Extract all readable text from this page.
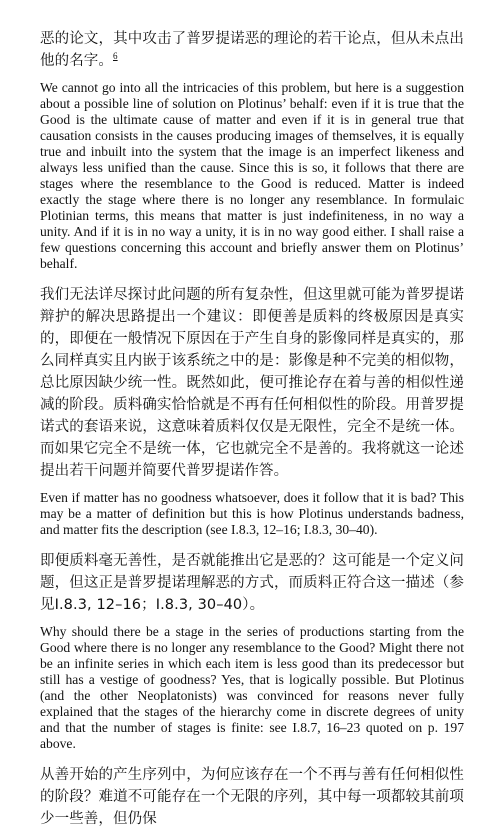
恶的论文，其中攻击了普罗提诺恶的理论的若干论点，但从未点出他的名字。$^6$

We cannot go into all the intricacies of this problem, but here is a suggestion about a possible line of solution on Plotinus’ behalf: even if it is true that the Good is the ultimate cause of matter and even if it is in general true that causation consists in the causes producing images of themselves, it is equally true and inbuilt into the system that the image is an imperfect likeness and always less unified than the cause. Since this is so, it follows that there are stages where the resemblance to the Good is reduced. Matter is indeed exactly the stage where there is no longer any resemblance. In formulaic Plotinian terms, this means that matter is just indefiniteness, in no way a unity. And if it is in no way a unity, it is in no way good either. I shall raise a few questions concerning this account and briefly answer them on Plotinus’ behalf.

我们无法详尽探讨此问题的所有复杂性，但这里就可能为普罗提诺辩护的解决思路提出一个建议：即便善是质料的终极原因是真实的，即便在一般情况下原因在于产生自身的影像同样是真实的，那么同样真实且内嵌于该系统之中的是：影像是种不完美的相似物，总比原因缺少统一性。既然如此，便可推论存在着与善的相似性递减的阶段。质料确实恰恰就是不再有任何相似性的阶段。用普罗提诺式的套语来说，这意味着质料仅仅是无限性，完全不是统一体。而如果它完全不是统一体，它也就完全不是善的。我将就这一论述提出若干问题并简要代普罗提诺作答。

Even if matter has no goodness whatsoever, does it follow that it is bad? This may be a matter of definition but this is how Plotinus understands badness, and matter fits the description (see I.8.3, 12–16; I.8.3, 30–40).

即便质料毫无善性，是否就能推出它是恶的？这可能是一个定义问题，但这正是普罗提诺理解恶的方式，而质料正符合这一描述（参见I.8.3, 12–16；I.8.3, 30–40）。

Why should there be a stage in the series of productions starting from the Good where there is no longer any resemblance to the Good? Might there not be an infinite series in which each item is less good than its predecessor but still has a vestige of goodness? Yes, that is logically possible. But Plotinus (and the other Neoplatonists) was convinced for reasons never fully explained that the stages of the hierarchy come in discrete degrees of unity and that the number of stages is finite: see I.8.7, 16–23 quoted on p. 197 above.

从善开始的产生序列中，为何应该存在一个不再与善有任何相似性的阶段？难道不可能存在一个无限的序列，其中每一项都较其前项少一些善，但仍保
